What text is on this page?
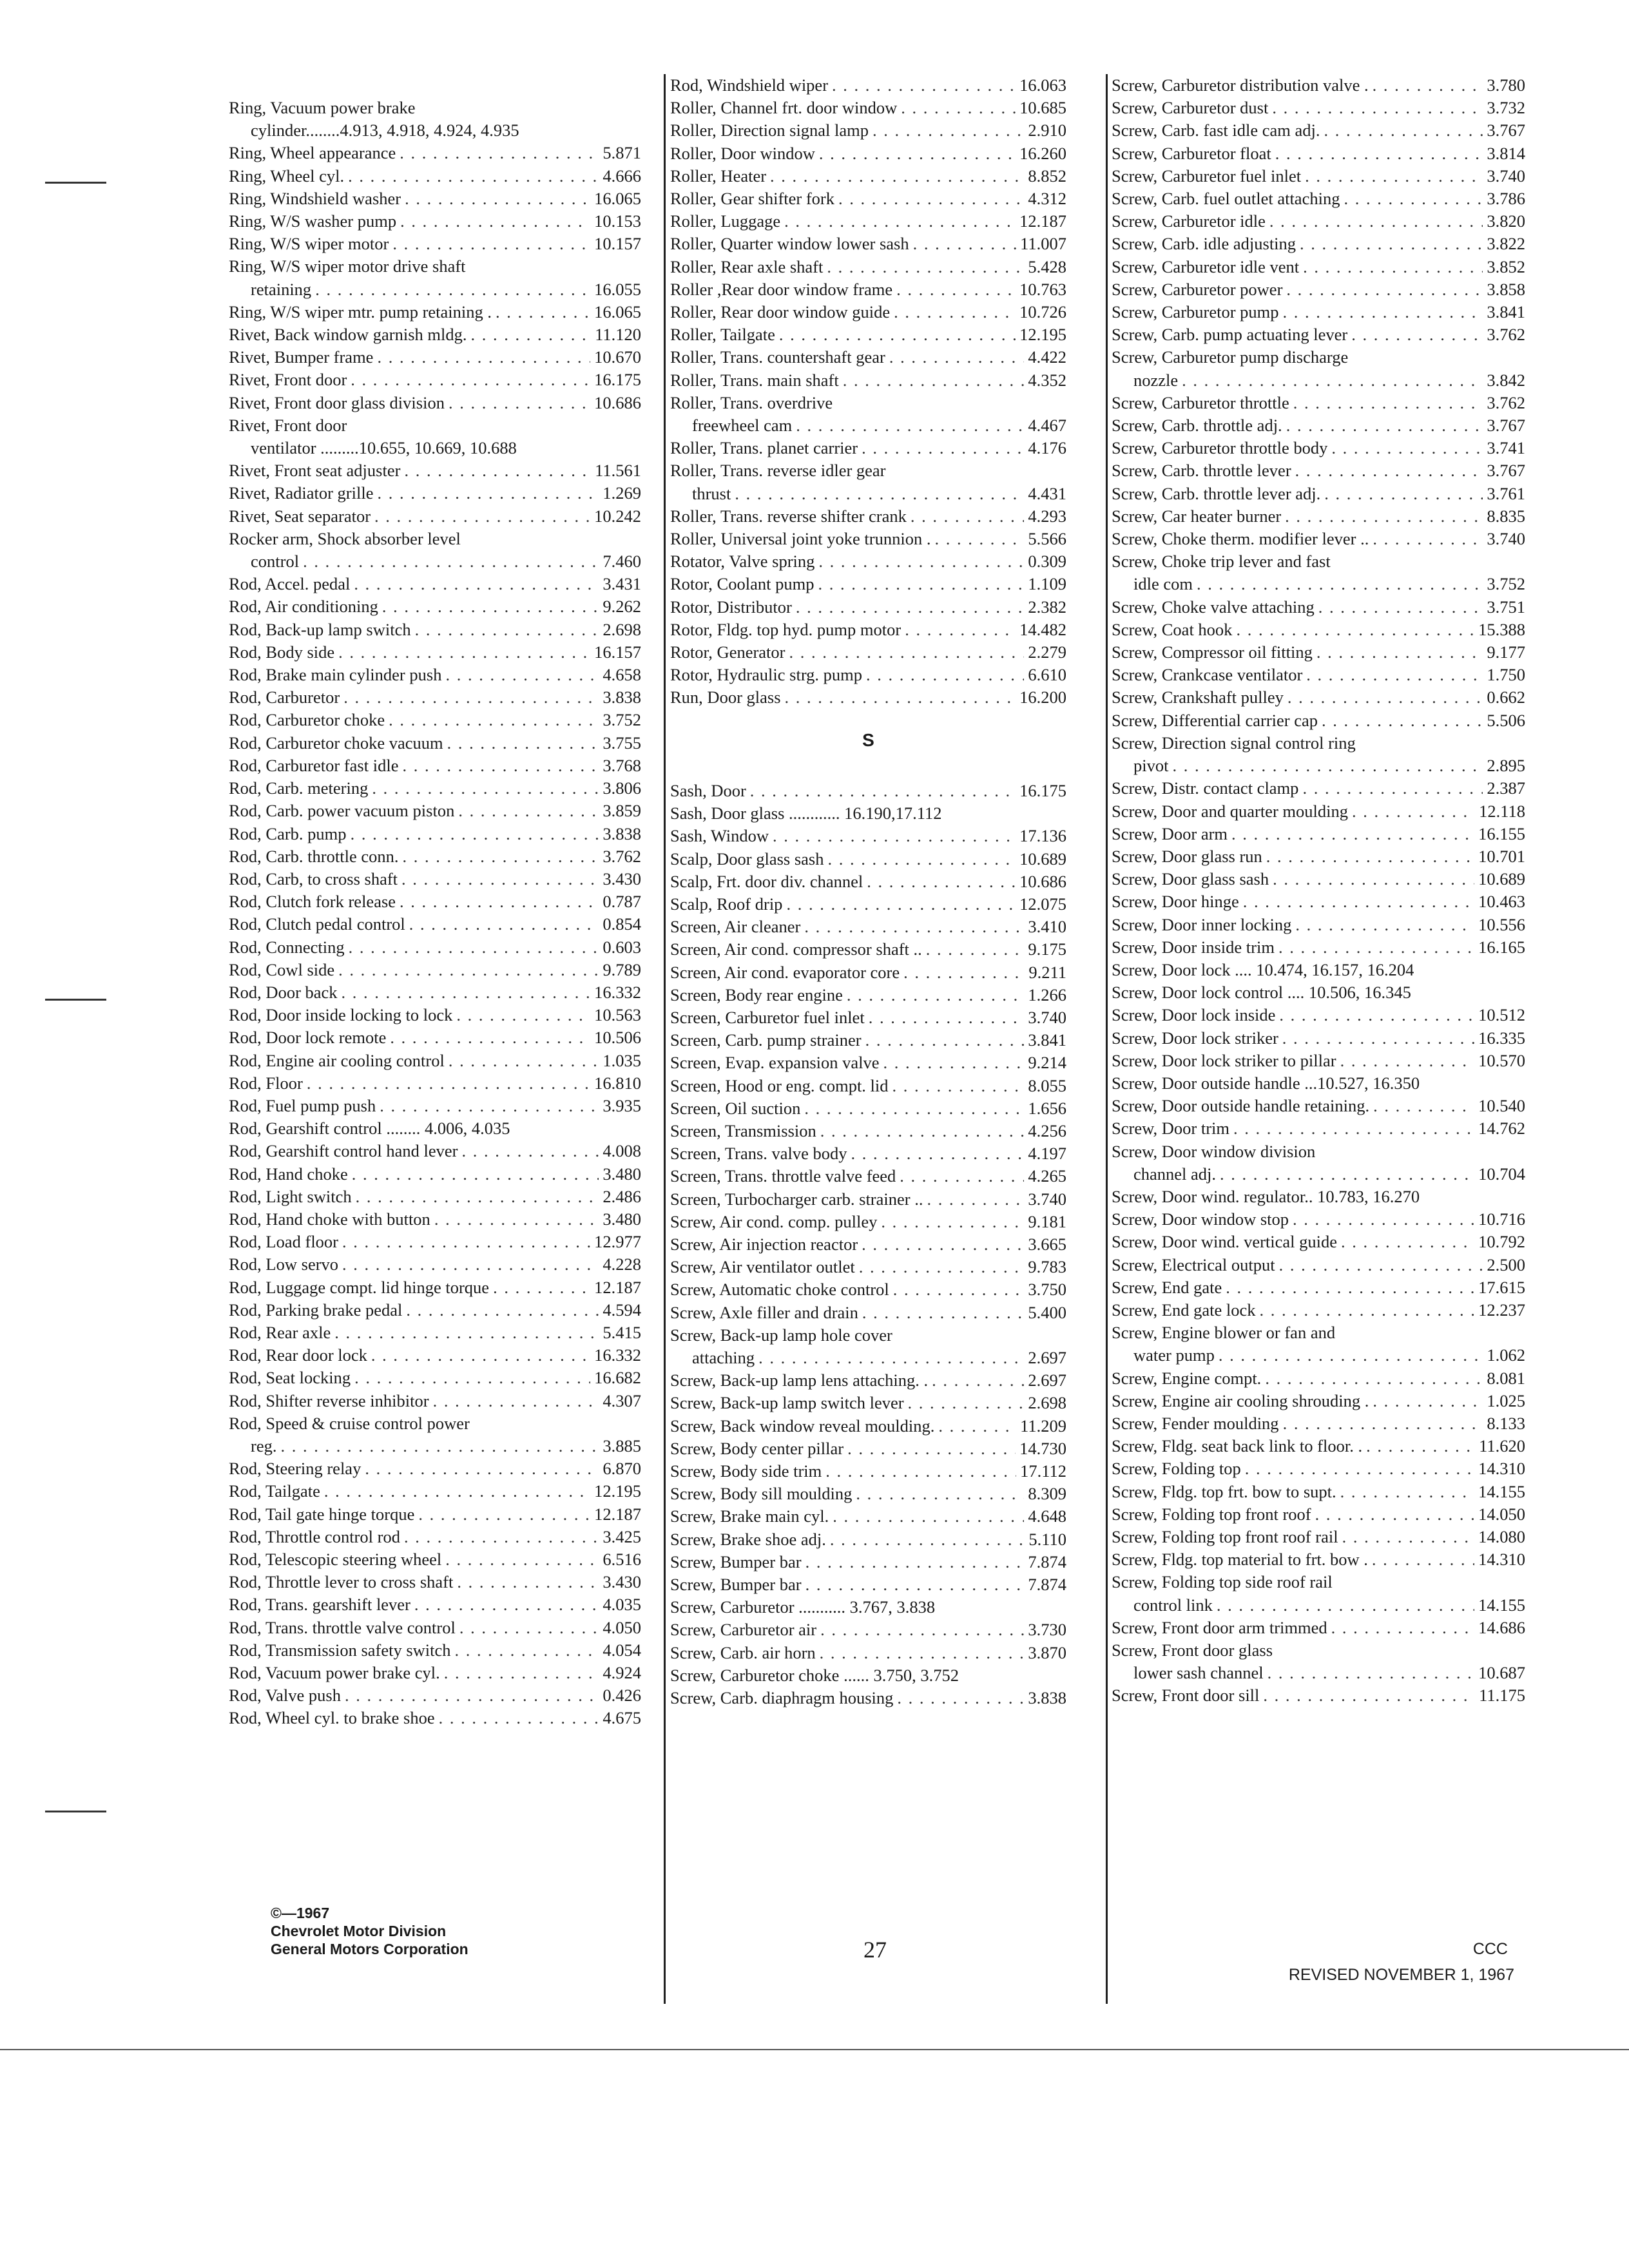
Ring, Vacuum power brake
cylinder........4.913, 4.918, 4.924, 4.935
Ring, Wheel appearance . . .	5.871
Ring, Wheel cyl. . . .	4.666
Ring, Windshield washer . . .	16.065
Ring, W/S washer pump . . .	10.153
Ring, W/S wiper motor . . .	10.157
Ring, W/S wiper motor drive shaft
retaining . . .	16.055
Ring, W/S wiper mtr. pump retaining . . . .	16.065
Rivet, Back window garnish mldg. . . .	11.120
Rivet, Bumper frame . . .	10.670
Rivet, Front door . . .	16.175
Rivet, Front door glass division . . .	10.686
Rivet, Front door
ventilator .........10.655, 10.669, 10.688
Rivet, Front seat adjuster . . .	11.561
Rivet, Radiator grille . . .	1.269
Rivet, Seat separator . . .	10.242
Rocker arm, Shock absorber level
control . . .	7.460
Rod, Accel. pedal . . .	3.431
Rod, Air conditioning . . .	9.262
Rod, Back-up lamp switch . . .	2.698
Rod, Body side . . .	16.157
Rod, Brake main cylinder push . . .	4.658
Rod, Carburetor . . .	3.838
Rod, Carburetor choke . . .	3.752
Rod, Carburetor choke vacuum . . .	3.755
Rod, Carburetor fast idle . . .	3.768
Rod, Carb. metering . . .	3.806
Rod, Carb. power vacuum piston . . .	3.859
Rod, Carb. pump . . .	3.838
Rod, Carb. throttle conn. . . .	3.762
Rod, Carb, to cross shaft . . .	3.430
Rod, Clutch fork release . . .	0.787
Rod, Clutch pedal control . . .	0.854
Rod, Connecting . . .	0.603
Rod, Cowl side . . .	9.789
Rod, Door back . . .	16.332
Rod, Door inside locking to lock . . .	10.563
Rod, Door lock remote . . .	10.506
Rod, Engine air cooling control . . .	1.035
Rod, Floor . . .	16.810
Rod, Fuel pump push . . .	3.935
Rod, Gearshift control ........ 4.006, 4.035
Rod, Gearshift control hand lever . . .	4.008
Rod, Hand choke . . .	3.480
Rod, Light switch . . .	2.486
Rod, Hand choke with button . . .	3.480
Rod, Load floor . . .	12.977
Rod, Low servo . . .	4.228
Rod, Luggage compt. lid hinge torque . . .	12.187
Rod, Parking brake pedal . . .	4.594
Rod, Rear axle . . .	5.415
Rod, Rear door lock . . .	16.332
Rod, Seat locking . . .	16.682
Rod, Shifter reverse inhibitor . . .	4.307
Rod, Speed & cruise control power
reg. . . .	3.885
Rod, Steering relay . . .	6.870
Rod, Tailgate . . .	12.195
Rod, Tail gate hinge torque . . .	12.187
Rod, Throttle control rod . . .	3.425
Rod, Telescopic steering wheel . . .	6.516
Rod, Throttle lever to cross shaft . . .	3.430
Rod, Trans. gearshift lever . . .	4.035
Rod, Trans. throttle valve control . . .	4.050
Rod, Transmission safety switch . . .	4.054
Rod, Vacuum power brake cyl. . . .	4.924
Rod, Valve push . . .	0.426
Rod, Wheel cyl. to brake shoe . . .	4.675
Rod, Windshield wiper . . .	16.063
Roller, Channel frt. door window . . .	10.685
Roller, Direction signal lamp . . .	2.910
Roller, Door window . . .	16.260
Roller, Heater . . .	8.852
Roller, Gear shifter fork . . .	4.312
Roller, Luggage . . .	12.187
Roller, Quarter window lower sash . . .	11.007
Roller, Rear axle shaft . . .	5.428
Roller ,Rear door window frame . . .	10.763
Roller, Rear door window guide . . .	10.726
Roller, Tailgate . . .	12.195
Roller, Trans. countershaft gear . . .	4.422
Roller, Trans. main shaft . . .	4.352
Roller, Trans. overdrive
freewheel cam . . .	4.467
Roller, Trans. planet carrier . . .	4.176
Roller, Trans. reverse idler gear
thrust . . .	4.431
Roller, Trans. reverse shifter crank . . .	4.293
Roller, Universal joint yoke trunnion . . . .	5.566
Rotator, Valve spring . . .	0.309
Rotor, Coolant pump . . .	1.109
Rotor, Distributor . . .	2.382
Rotor, Fldg. top hyd. pump motor . . .	14.482
Rotor, Generator . . .	2.279
Rotor, Hydraulic strg. pump . . .	6.610
Run, Door glass . . .	16.200
S
Sash, Door . . .	16.175
Sash, Door glass ............ 16.190,17.112
Sash, Window . . .	17.136
Scalp, Door glass sash . . .	10.689
Scalp, Frt. door div. channel . . .	10.686
Scalp, Roof drip . . .	12.075
Screen, Air cleaner . . .	3.410
Screen, Air cond. compressor shaft .. . . .	9.175
Screen, Air cond. evaporator core . . .	9.211
Screen, Body rear engine . . .	1.266
Screen, Carburetor fuel inlet . . .	3.740
Screen, Carb. pump strainer . . .	3.841
Screen, Evap. expansion valve . . .	9.214
Screen, Hood or eng. compt. lid . . .	8.055
Screen, Oil suction . . .	1.656
Screen, Transmission . . .	4.256
Screen, Trans. valve body . . .	4.197
Screen, Trans. throttle valve feed . . .	4.265
Screen, Turbocharger carb. strainer .. . . .	3.740
Screw, Air cond. comp. pulley . . .	9.181
Screw, Air injection reactor . . .	3.665
Screw, Air ventilator outlet . . .	9.783
Screw, Automatic choke control . . .	3.750
Screw, Axle filler and drain . . .	5.400
Screw, Back-up lamp hole cover
attaching . . .	2.697
Screw, Back-up lamp lens attaching. . . . .	2.697
Screw, Back-up lamp switch lever . . .	2.698
Screw, Back window reveal moulding. . . .	11.209
Screw, Body center pillar . . .	14.730
Screw, Body side trim . . .	17.112
Screw, Body sill moulding . . .	8.309
Screw, Brake main cyl. . . .	4.648
Screw, Brake shoe adj. . . .	5.110
Screw, Bumper bar . . .	7.874
Screw, Bumper bar . . .	7.874
Screw, Carburetor ........... 3.767, 3.838
Screw, Carburetor air . . .	3.730
Screw, Carb. air horn . . .	3.870
Screw, Carburetor choke ...... 3.750, 3.752
Screw, Carb. diaphragm housing . . .	3.838
Screw, Carburetor distribution valve . . . .	3.780
Screw, Carburetor dust . . .	3.732
Screw, Carb. fast idle cam adj. . . .	3.767
Screw, Carburetor float . . .	3.814
Screw, Carburetor fuel inlet . . .	3.740
Screw, Carb. fuel outlet attaching . . .	3.786
Screw, Carburetor idle . . .	3.820
Screw, Carb. idle adjusting . . .	3.822
Screw, Carburetor idle vent . . .	3.852
Screw, Carburetor power . . .	3.858
Screw, Carburetor pump . . .	3.841
Screw, Carb. pump actuating lever . . .	3.762
Screw, Carburetor pump discharge
nozzle . . .	3.842
Screw, Carburetor throttle . . .	3.762
Screw, Carb. throttle adj. . . .	3.767
Screw, Carburetor throttle body . . .	3.741
Screw, Carb. throttle lever . . .	3.767
Screw, Carb. throttle lever adj. . . .	3.761
Screw, Car heater burner . . .	8.835
Screw, Choke therm. modifier lever .. . . .	3.740
Screw, Choke trip lever and fast
idle com . . .	3.752
Screw, Choke valve attaching . . .	3.751
Screw, Coat hook . . .	15.388
Screw, Compressor oil fitting . . .	9.177
Screw, Crankcase ventilator . . .	1.750
Screw, Crankshaft pulley . . .	0.662
Screw, Differential carrier cap . . .	5.506
Screw, Direction signal control ring
pivot . . .	2.895
Screw, Distr. contact clamp . . .	2.387
Screw, Door and quarter moulding . . .	12.118
Screw, Door arm . . .	16.155
Screw, Door glass run . . .	10.701
Screw, Door glass sash . . .	10.689
Screw, Door hinge . . .	10.463
Screw, Door inner locking . . .	10.556
Screw, Door inside trim . . .	16.165
Screw, Door lock .... 10.474, 16.157, 16.204
Screw, Door lock control .... 10.506, 16.345
Screw, Door lock inside . . .	10.512
Screw, Door lock striker . . .	16.335
Screw, Door lock striker to pillar . . .	10.570
Screw, Door outside handle ...10.527, 16.350
Screw, Door outside handle retaining. . . .	10.540
Screw, Door trim . . .	14.762
Screw, Door window division
channel adj. . . .	10.704
Screw, Door wind. regulator.. 10.783, 16.270
Screw, Door window stop . . .	10.716
Screw, Door wind. vertical guide . . .	10.792
Screw, Electrical output . . .	2.500
Screw, End gate . . .	17.615
Screw, End gate lock . . .	12.237
Screw, Engine blower or fan and
water pump . . .	1.062
Screw, Engine compt. . . .	8.081
Screw, Engine air cooling shrouding . . . .	1.025
Screw, Fender moulding . . .	8.133
Screw, Fldg. seat back link to floor. . . . .	11.620
Screw, Folding top . . .	14.310
Screw, Fldg. top frt. bow to supt. . . .	14.155
Screw, Folding top front roof . . .	14.050
Screw, Folding top front roof rail . . .	14.080
Screw, Fldg. top material to frt. bow . . . .	14.310
Screw, Folding top side roof rail
control link . . .	14.155
Screw, Front door arm trimmed . . .	14.686
Screw, Front door glass
lower sash channel . . .	10.687
Screw, Front door sill . . .	11.175
©—1967
Chevrolet Motor Division
General Motors Corporation	27	CCC
REVISED NOVEMBER 1, 1967
